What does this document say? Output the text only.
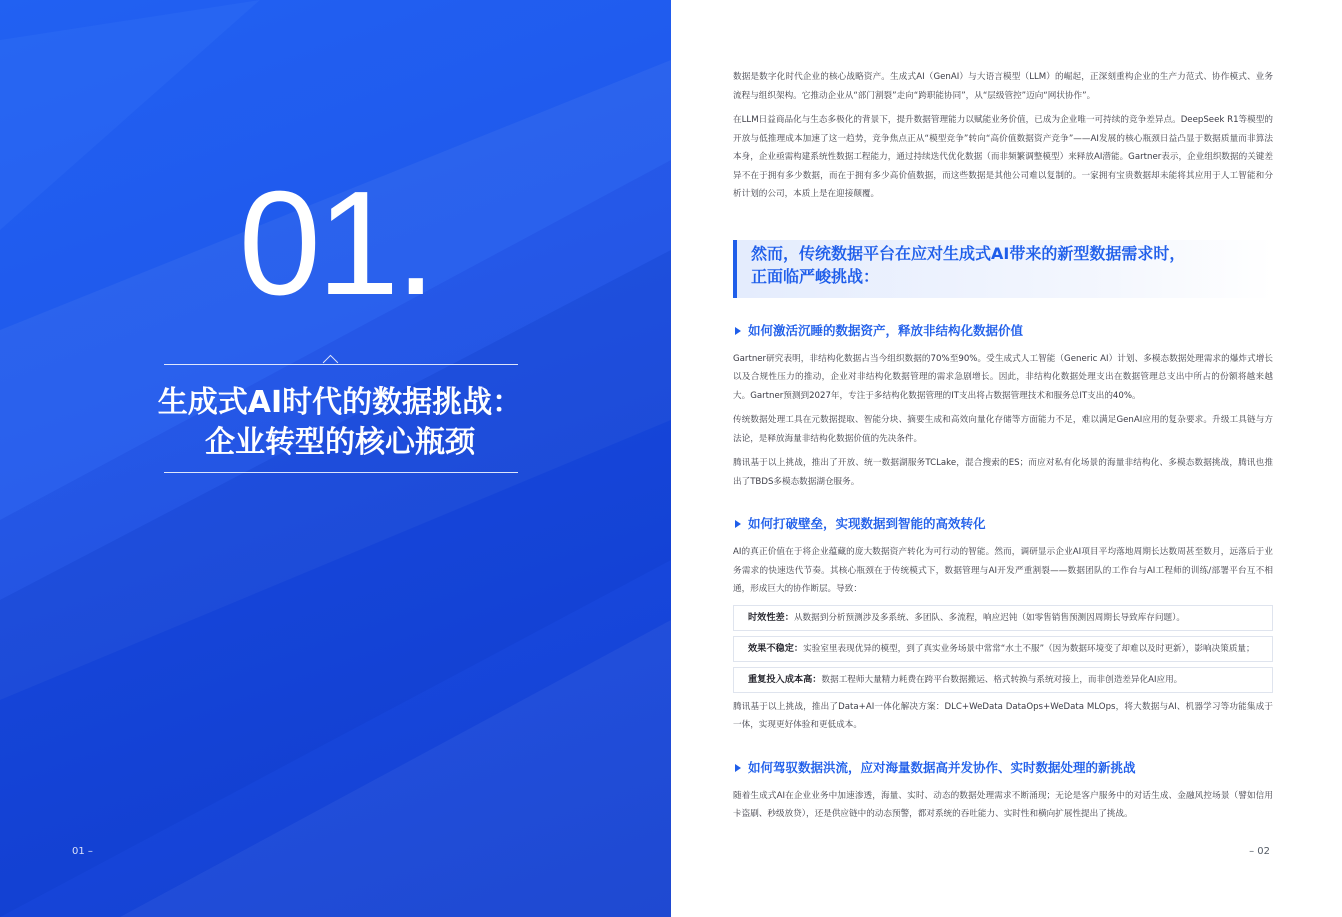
01.
生成式AI时代的数据挑战：
企业转型的核心瓶颈
01 –

数据是数字化时代企业的核心战略资产。生成式AI（GenAI）与大语言模型（LLM）的崛起，正深刻重构企业的生产力范式、协作模式、业务流程与组织架构。它推动企业从“部门割裂”走向“跨职能协同”，从“层级管控”迈向“网状协作”。

在LLM日益商品化与生态多极化的背景下，提升数据管理能力以赋能业务价值，已成为企业唯一可持续的竞争差异点。DeepSeek R1等模型的开放与低推理成本加速了这一趋势，竞争焦点正从“模型竞争”转向“高价值数据资产竞争”——AI发展的核心瓶颈日益凸显于数据质量而非算法本身，企业亟需构建系统性数据工程能力，通过持续迭代优化数据（而非频繁调整模型）来释放AI潜能。Gartner表示，企业组织数据的关键差异不在于拥有多少数据，而在于拥有多少高价值数据，而这些数据是其他公司难以复制的。一家拥有宝贵数据却未能将其应用于人工智能和分析计划的公司，本质上是在迎接颠覆。

然而，传统数据平台在应对生成式AI带来的新型数据需求时，
正面临严峻挑战：
如何激活沉睡的数据资产，释放非结构化数据价值

Gartner研究表明，非结构化数据占当今组织数据的70%至90%。受生成式人工智能（Generic AI）计划、多模态数据处理需求的爆炸式增长以及合规性压力的推动，企业对非结构化数据管理的需求急剧增长。因此，非结构化数据处理支出在数据管理总支出中所占的份额将越来越大。Gartner预测到2027年，专注于多结构化数据管理的IT支出将占数据管理技术和服务总IT支出的40%。

传统数据处理工具在元数据提取、智能分块、摘要生成和高效向量化存储等方面能力不足，难以满足GenAI应用的复杂要求。升级工具链与方法论，是释放海量非结构化数据价值的先决条件。

腾讯基于以上挑战，推出了开放、统一数据湖服务TCLake，混合搜索的ES；而应对私有化场景的海量非结构化、多模态数据挑战，腾讯也推出了TBDS多模态数据湖仓服务。

如何打破壁垒，实现数据到智能的高效转化

AI的真正价值在于将企业蕴藏的庞大数据资产转化为可行动的智能。然而，调研显示企业AI项目平均落地周期长达数周甚至数月，远落后于业务需求的快速迭代节奏。其核心瓶颈在于传统模式下，数据管理与AI开发严重割裂——数据团队的工作台与AI工程师的训练/部署平台互不相通，形成巨大的协作断层。导致：

时效性差：从数据到分析预测涉及多系统、多团队、多流程，响应迟钝（如零售销售预测因周期长导致库存问题）。
效果不稳定：实验室里表现优异的模型，到了真实业务场景中常常“水土不服”（因为数据环境变了却难以及时更新），影响决策质量；
重复投入成本高：数据工程师大量精力耗费在跨平台数据搬运、格式转换与系统对接上，而非创造差异化AI应用。

腾讯基于以上挑战，推出了Data+AI一体化解决方案：DLC+WeData DataOps+WeData MLOps，将大数据与AI、机器学习等功能集成于一体，实现更好体验和更低成本。

如何驾驭数据洪流，应对海量数据高并发协作、实时数据处理的新挑战

随着生成式AI在企业业务中加速渗透，海量、实时、动态的数据处理需求不断涌现；无论是客户服务中的对话生成、金融风控场景（譬如信用卡盗刷、秒级放贷），还是供应链中的动态预警，都对系统的吞吐能力、实时性和横向扩展性提出了挑战。

– 02
